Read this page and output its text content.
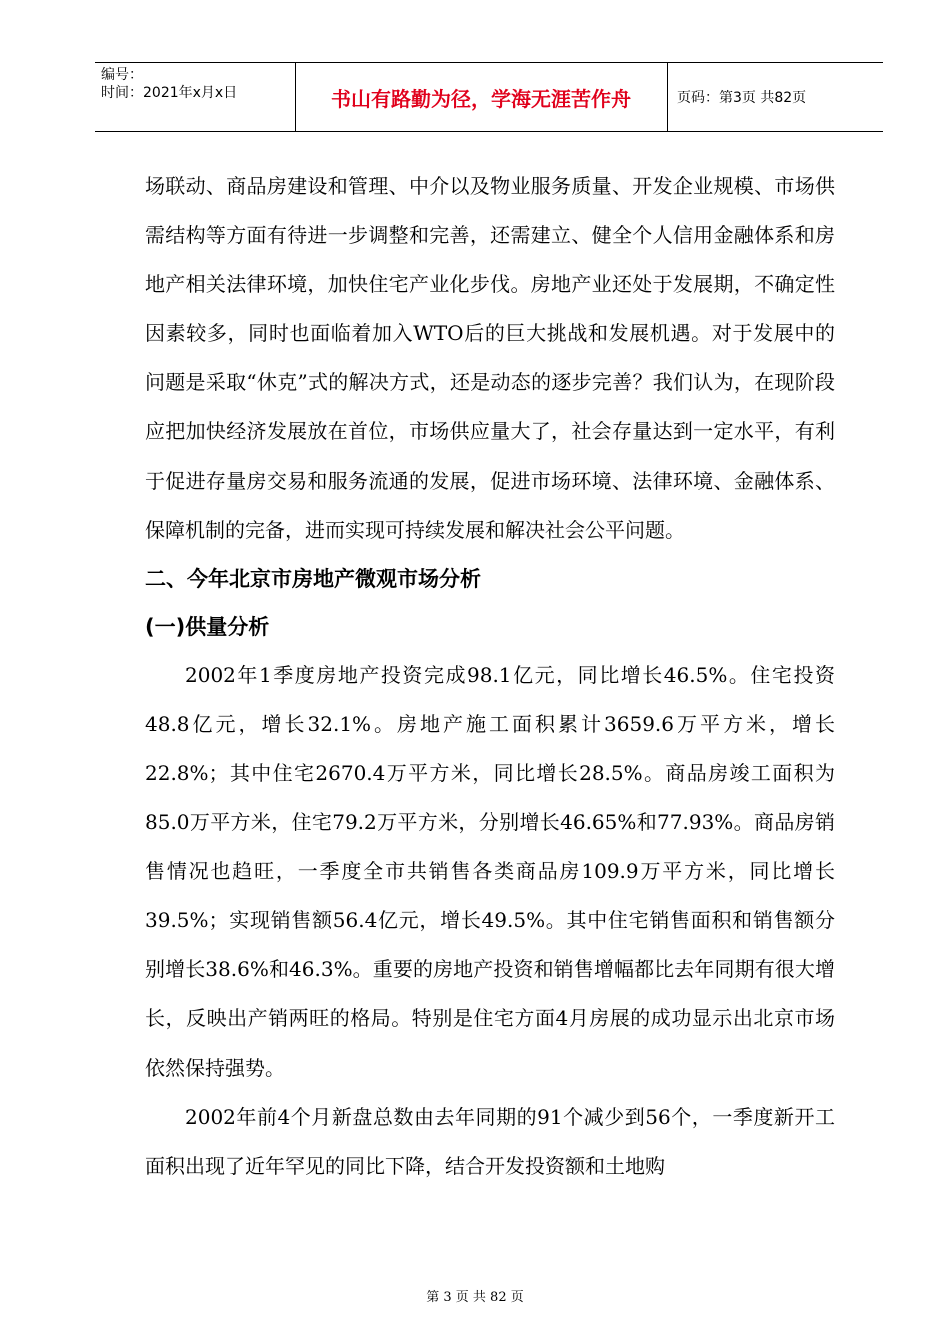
编号：
时间：2021年x月x日	书山有路勤为径，学海无涯苦作舟	页码：第3页 共82页

场联动、商品房建设和管理、中介以及物业服务质量、开发企业规模、市场供需结构等方面有待进一步调整和完善，还需建立、健全个人信用金融体系和房地产相关法律环境，加快住宅产业化步伐。房地产业还处于发展期，不确定性因素较多，同时也面临着加入WTO后的巨大挑战和发展机遇。对于发展中的问题是采取“休克”式的解决方式，还是动态的逐步完善？我们认为，在现阶段应把加快经济发展放在首位，市场供应量大了，社会存量达到一定水平，有利于促进存量房交易和服务流通的发展，促进市场环境、法律环境、金融体系、保障机制的完备，进而实现可持续发展和解决社会公平问题。

二、今年北京市房地产微观市场分析
(一)供量分析

2002年1季度房地产投资完成98.1亿元，同比增长46.5%。住宅投资48.8亿元，增长32.1%。房地产施工面积累计3659.6万平方米，增长22.8%；其中住宅2670.4万平方米，同比增长28.5%。商品房竣工面积为85.0万平方米，住宅79.2万平方米，分别增长46.65%和77.93%。商品房销售情况也趋旺，一季度全市共销售各类商品房109.9万平方米，同比增长39.5%；实现销售额56.4亿元，增长49.5%。其中住宅销售面积和销售额分别增长38.6%和46.3%。重要的房地产投资和销售增幅都比去年同期有很大增长，反映出产销两旺的格局。特别是住宅方面4月房展的成功显示出北京市场依然保持强势。

2002年前4个月新盘总数由去年同期的91个减少到56个，一季度新开工面积出现了近年罕见的同比下降，结合开发投资额和土地购

第 3 页 共 82 页
